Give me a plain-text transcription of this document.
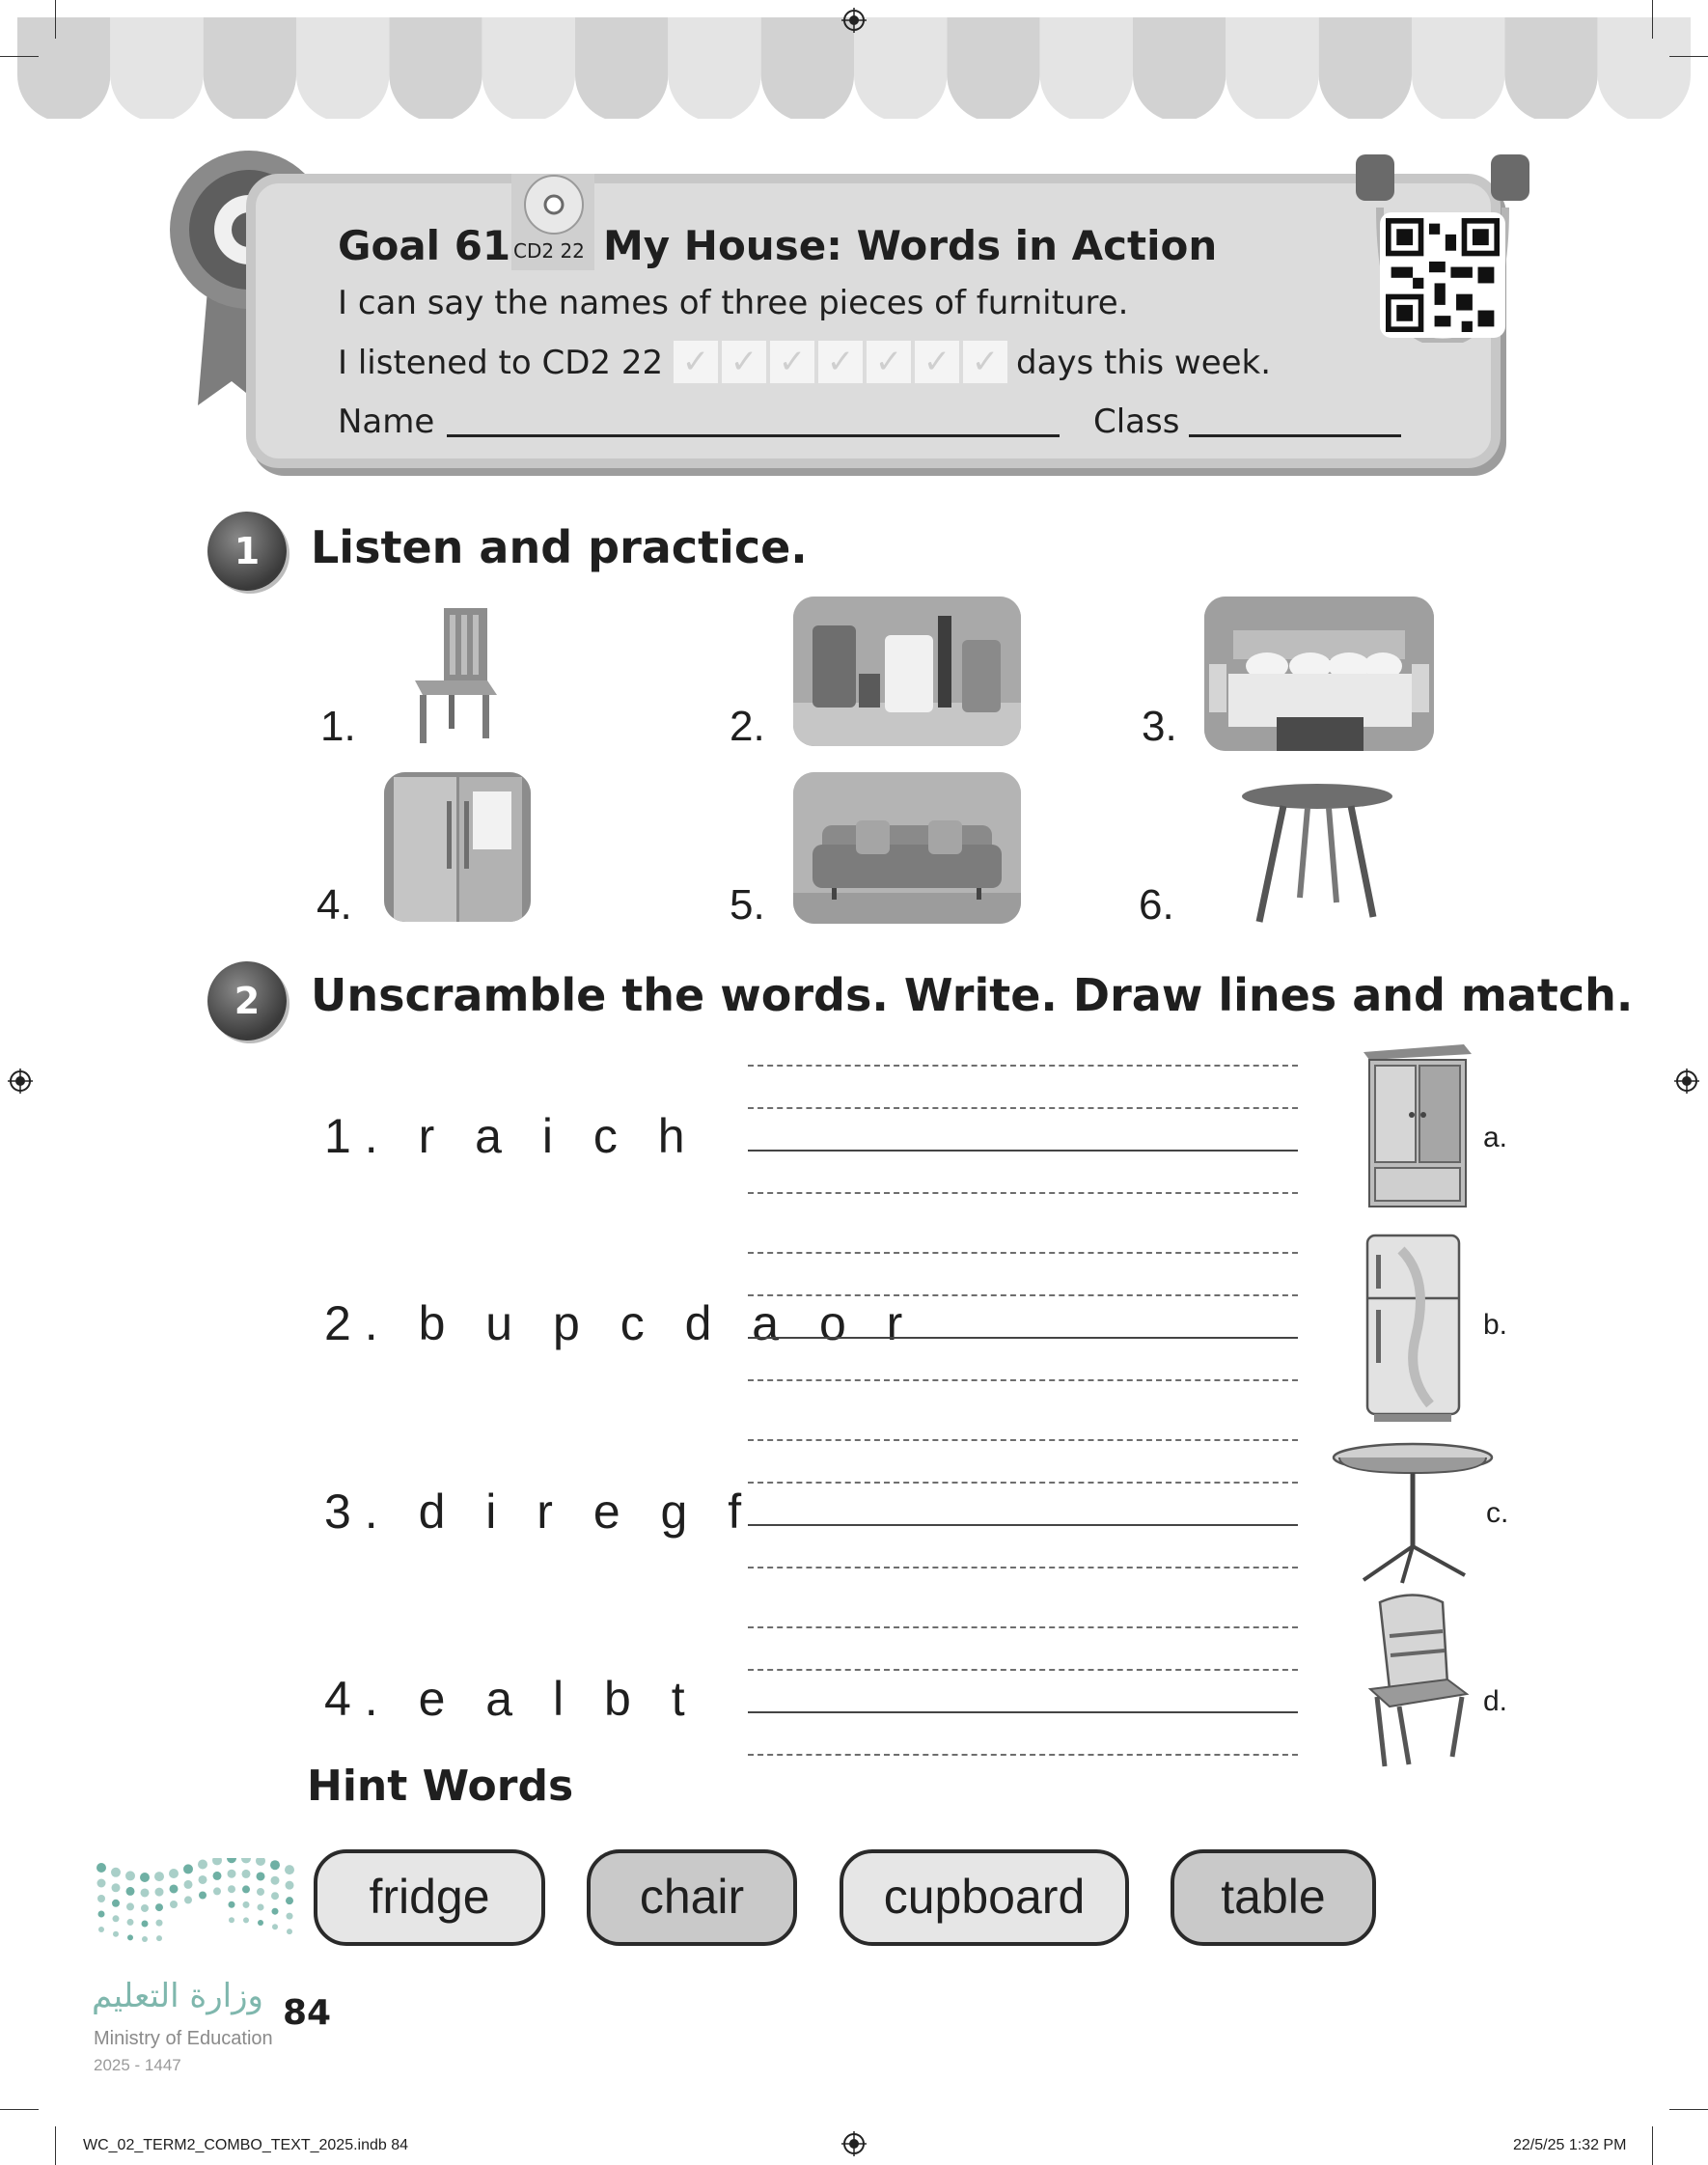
Goal 61 CD2 22 My House: Words in Action
I can say the names of three pieces of furniture.
I listened to CD2 22 ✓ ✓ ✓ ✓ ✓ ✓ ✓ days this week.
Name	Class
1	Listen and practice.
1.	2.	3.
4.	5.	6.
2	Unscramble the words. Write. Draw lines and match.
1. r a i c h
2. b u p c d a o r
3. d i r e g f
4. e a l b t
a.
b.
c.
d.
Hint Words
fridge	chair	cupboard	table
وزارة التعليم 84
Ministry of Education
2025 - 1447
WC_02_TERM2_COMBO_TEXT_2025.indb 84	22/5/25 1:32 PM
